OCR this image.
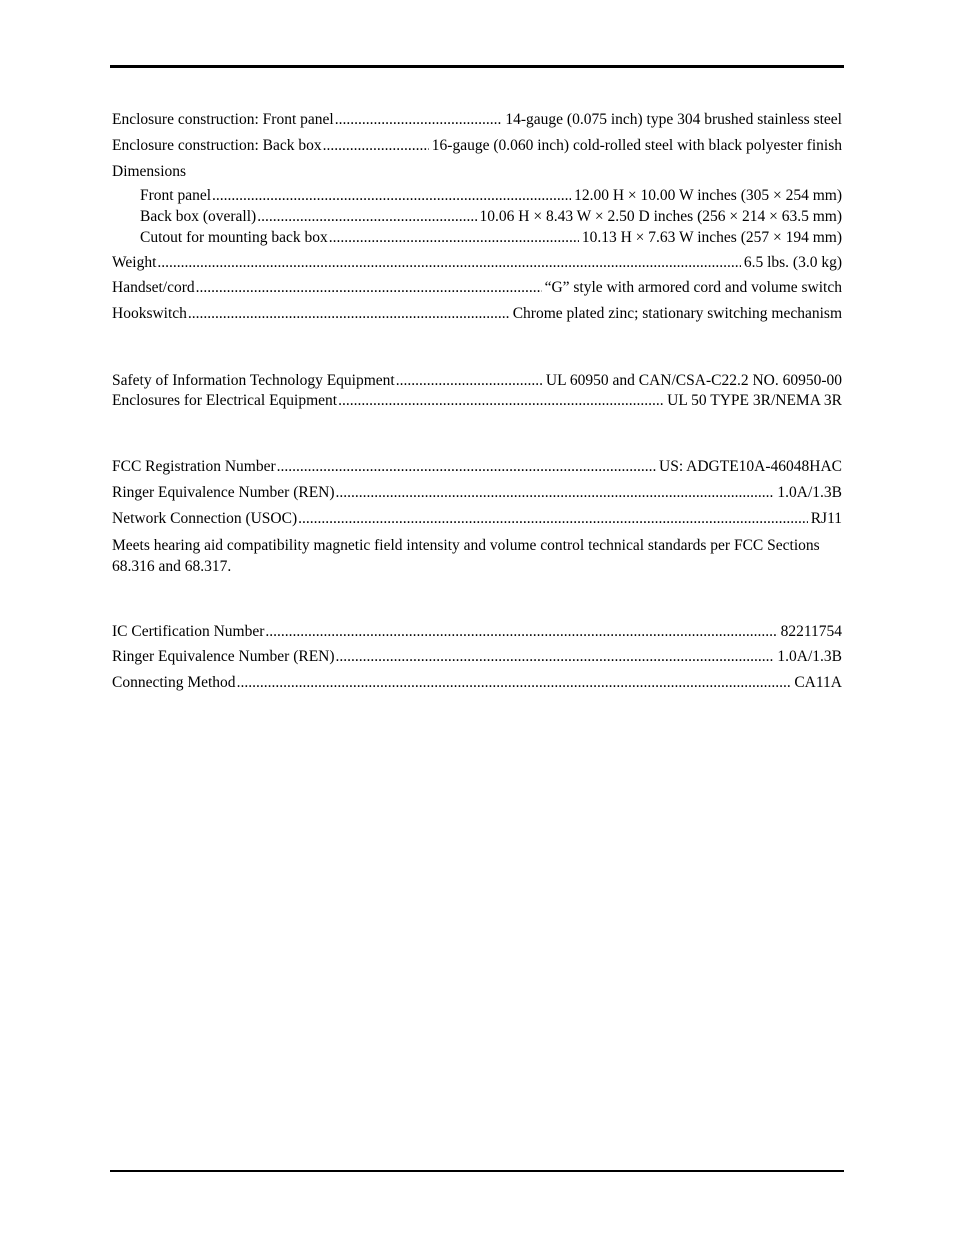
Enclosure construction: Front panel .....	14-gauge (0.075 inch) type 304 brushed stainless steel
Enclosure construction: Back box .....	16-gauge (0.060 inch) cold-rolled steel with black polyester finish
Dimensions
Front panel .....	12.00 H × 10.00 W inches (305 × 254 mm)
Back box (overall) .....	10.06 H × 8.43 W × 2.50 D inches (256 × 214 × 63.5 mm)
Cutout for mounting back box .....	10.13 H × 7.63 W inches (257 × 194 mm)
Weight .....	6.5 lbs. (3.0 kg)
Handset/cord .....	“G” style with armored cord and volume switch
Hookswitch .....	Chrome plated zinc; stationary switching mechanism
Safety of Information Technology Equipment .....	UL 60950 and CAN/CSA-C22.2 NO. 60950-00
Enclosures for Electrical Equipment .....	UL 50 TYPE 3R/NEMA 3R
FCC Registration Number .....	US: ADGTE10A-46048HAC
Ringer Equivalence Number (REN) .....	1.0A/1.3B
Network Connection (USOC) .....	RJ11
Meets hearing aid compatibility magnetic field intensity and volume control technical standards per FCC Sections 68.316 and 68.317.
IC Certification Number .....	82211754
Ringer Equivalence Number (REN) .....	1.0A/1.3B
Connecting Method .....	CA11A
